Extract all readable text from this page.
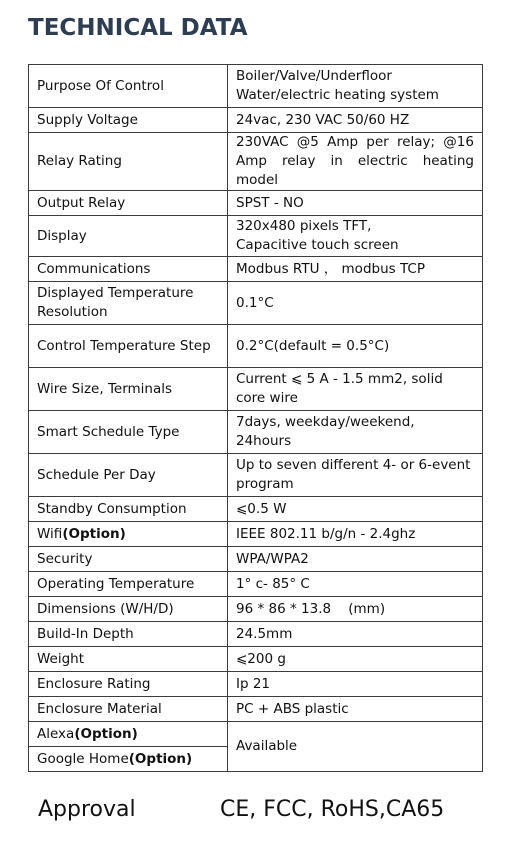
TECHNICAL DATA
Purpose Of Control	Boiler/Valve/Underfloor
Water/electric heating system

Supply Voltage	24vac, 230 VAC 50/60 HZ
Relay Rating	230VAC @5 Amp per relay; @16 Amp relay in electric heating model
Output Relay	SPST - NO
Display	320x480 pixels TFT,
Capacitive touch screen

Communications	Modbus RTU ， modbus TCP
Displayed Temperature Resolution	0.1°C
Control Temperature Step	0.2°C(default = 0.5°C)
Wire Size, Terminals	Current ⩽ 5 A - 1.5 mm2, solid core wire
Smart Schedule Type	7days, weekday/weekend, 24hours
Schedule Per Day	Up to seven different 4- or 6-event program
Standby Consumption	⩽0.5 W
Wifi(Option)	IEEE 802.11 b/g/n - 2.4ghz
Security	WPA/WPA2
Operating Temperature	1° c- 85° C
Dimensions (W/H/D)	96 * 86 * 13.8    (mm)
Build-In Depth	24.5mm
Weight	⩽200 g
Enclosure Rating	Ip 21
Enclosure Material	PC + ABS plastic
Alexa(Option)	Available
Google Home(Option)	
Approval	CE, FCC, RoHS,CA65
